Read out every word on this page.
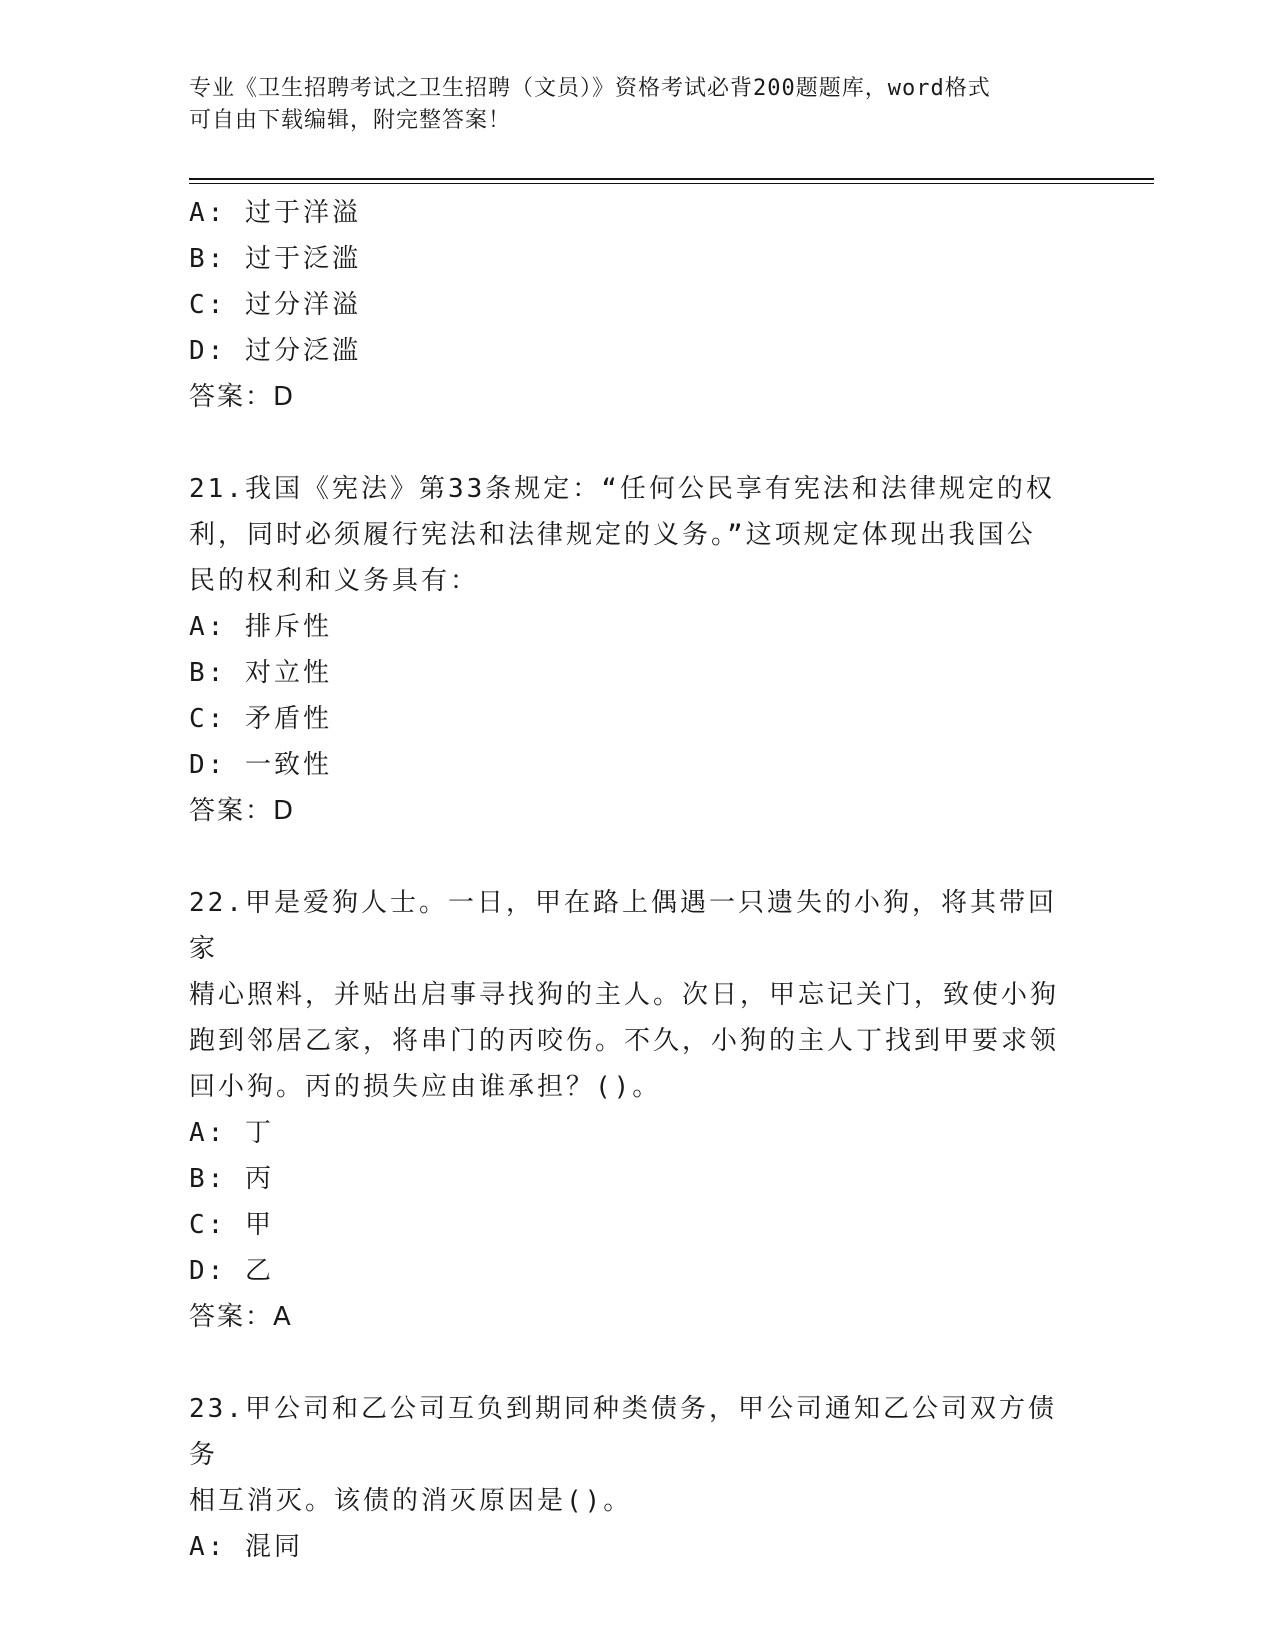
专业《卫生招聘考试之卫生招聘（文员）》资格考试必背200题题库，word格式
可自由下载编辑，附完整答案！
A: 过于洋溢
B: 过于泛滥
C: 过分洋溢
D: 过分泛滥
答案：D
21.我国《宪法》第33条规定：“任何公民享有宪法和法律规定的权
利，同时必须履行宪法和法律规定的义务。”这项规定体现出我国公
民的权利和义务具有：
A: 排斥性
B: 对立性
C: 矛盾性
D: 一致性
答案：D
22.甲是爱狗人士。一日，甲在路上偶遇一只遗失的小狗，将其带回家
精心照料，并贴出启事寻找狗的主人。次日，甲忘记关门，致使小狗
跑到邻居乙家，将串门的丙咬伤。不久，小狗的主人丁找到甲要求领
回小狗。丙的损失应由谁承担？()。
A: 丁
B: 丙
C: 甲
D: 乙
答案：A
23.甲公司和乙公司互负到期同种类债务，甲公司通知乙公司双方债务
相互消灭。该债的消灭原因是()。
A: 混同
